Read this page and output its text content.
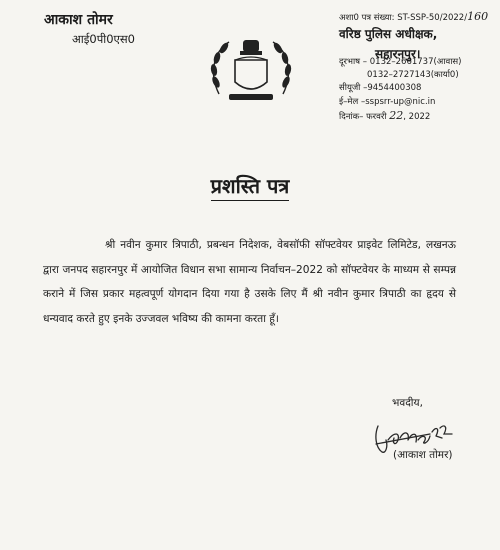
आकाश तोमर
आई0पी0एस0
अशा0 पत्र संख्या: ST-SSP-50/2022/160
वरिष्ठ पुलिस अधीक्षक,
सहारनपुर।
दूरभाष – 0132–2661737(आवास)
0132–2727143(कार्या0)
सीयूजी –9454400308
ई–मेल –sspsrr-up@nic.in
दिनांक– फरवरी 22, 2022
प्रशस्ति पत्र

श्री नवीन कुमार त्रिपाठी, प्रबन्धन निदेशक, वेबसॉफी सॉफ्टवेयर प्राइवेट लिमिटेड, लखनऊ द्वारा जनपद सहारनपुर में आयोजित विधान सभा सामान्य निर्वाचन–2022 को सॉफ्टवेयर के माध्यम से सम्पन्न कराने में जिस प्रकार महत्वपूर्ण योगदान दिया गया है उसके लिए मैं श्री नवीन कुमार त्रिपाठी का हृदय से धन्यवाद करते हुए इनके उज्जवल भविष्य की कामना करता हूँ।

भवदीय,
(आकाश तोमर)
